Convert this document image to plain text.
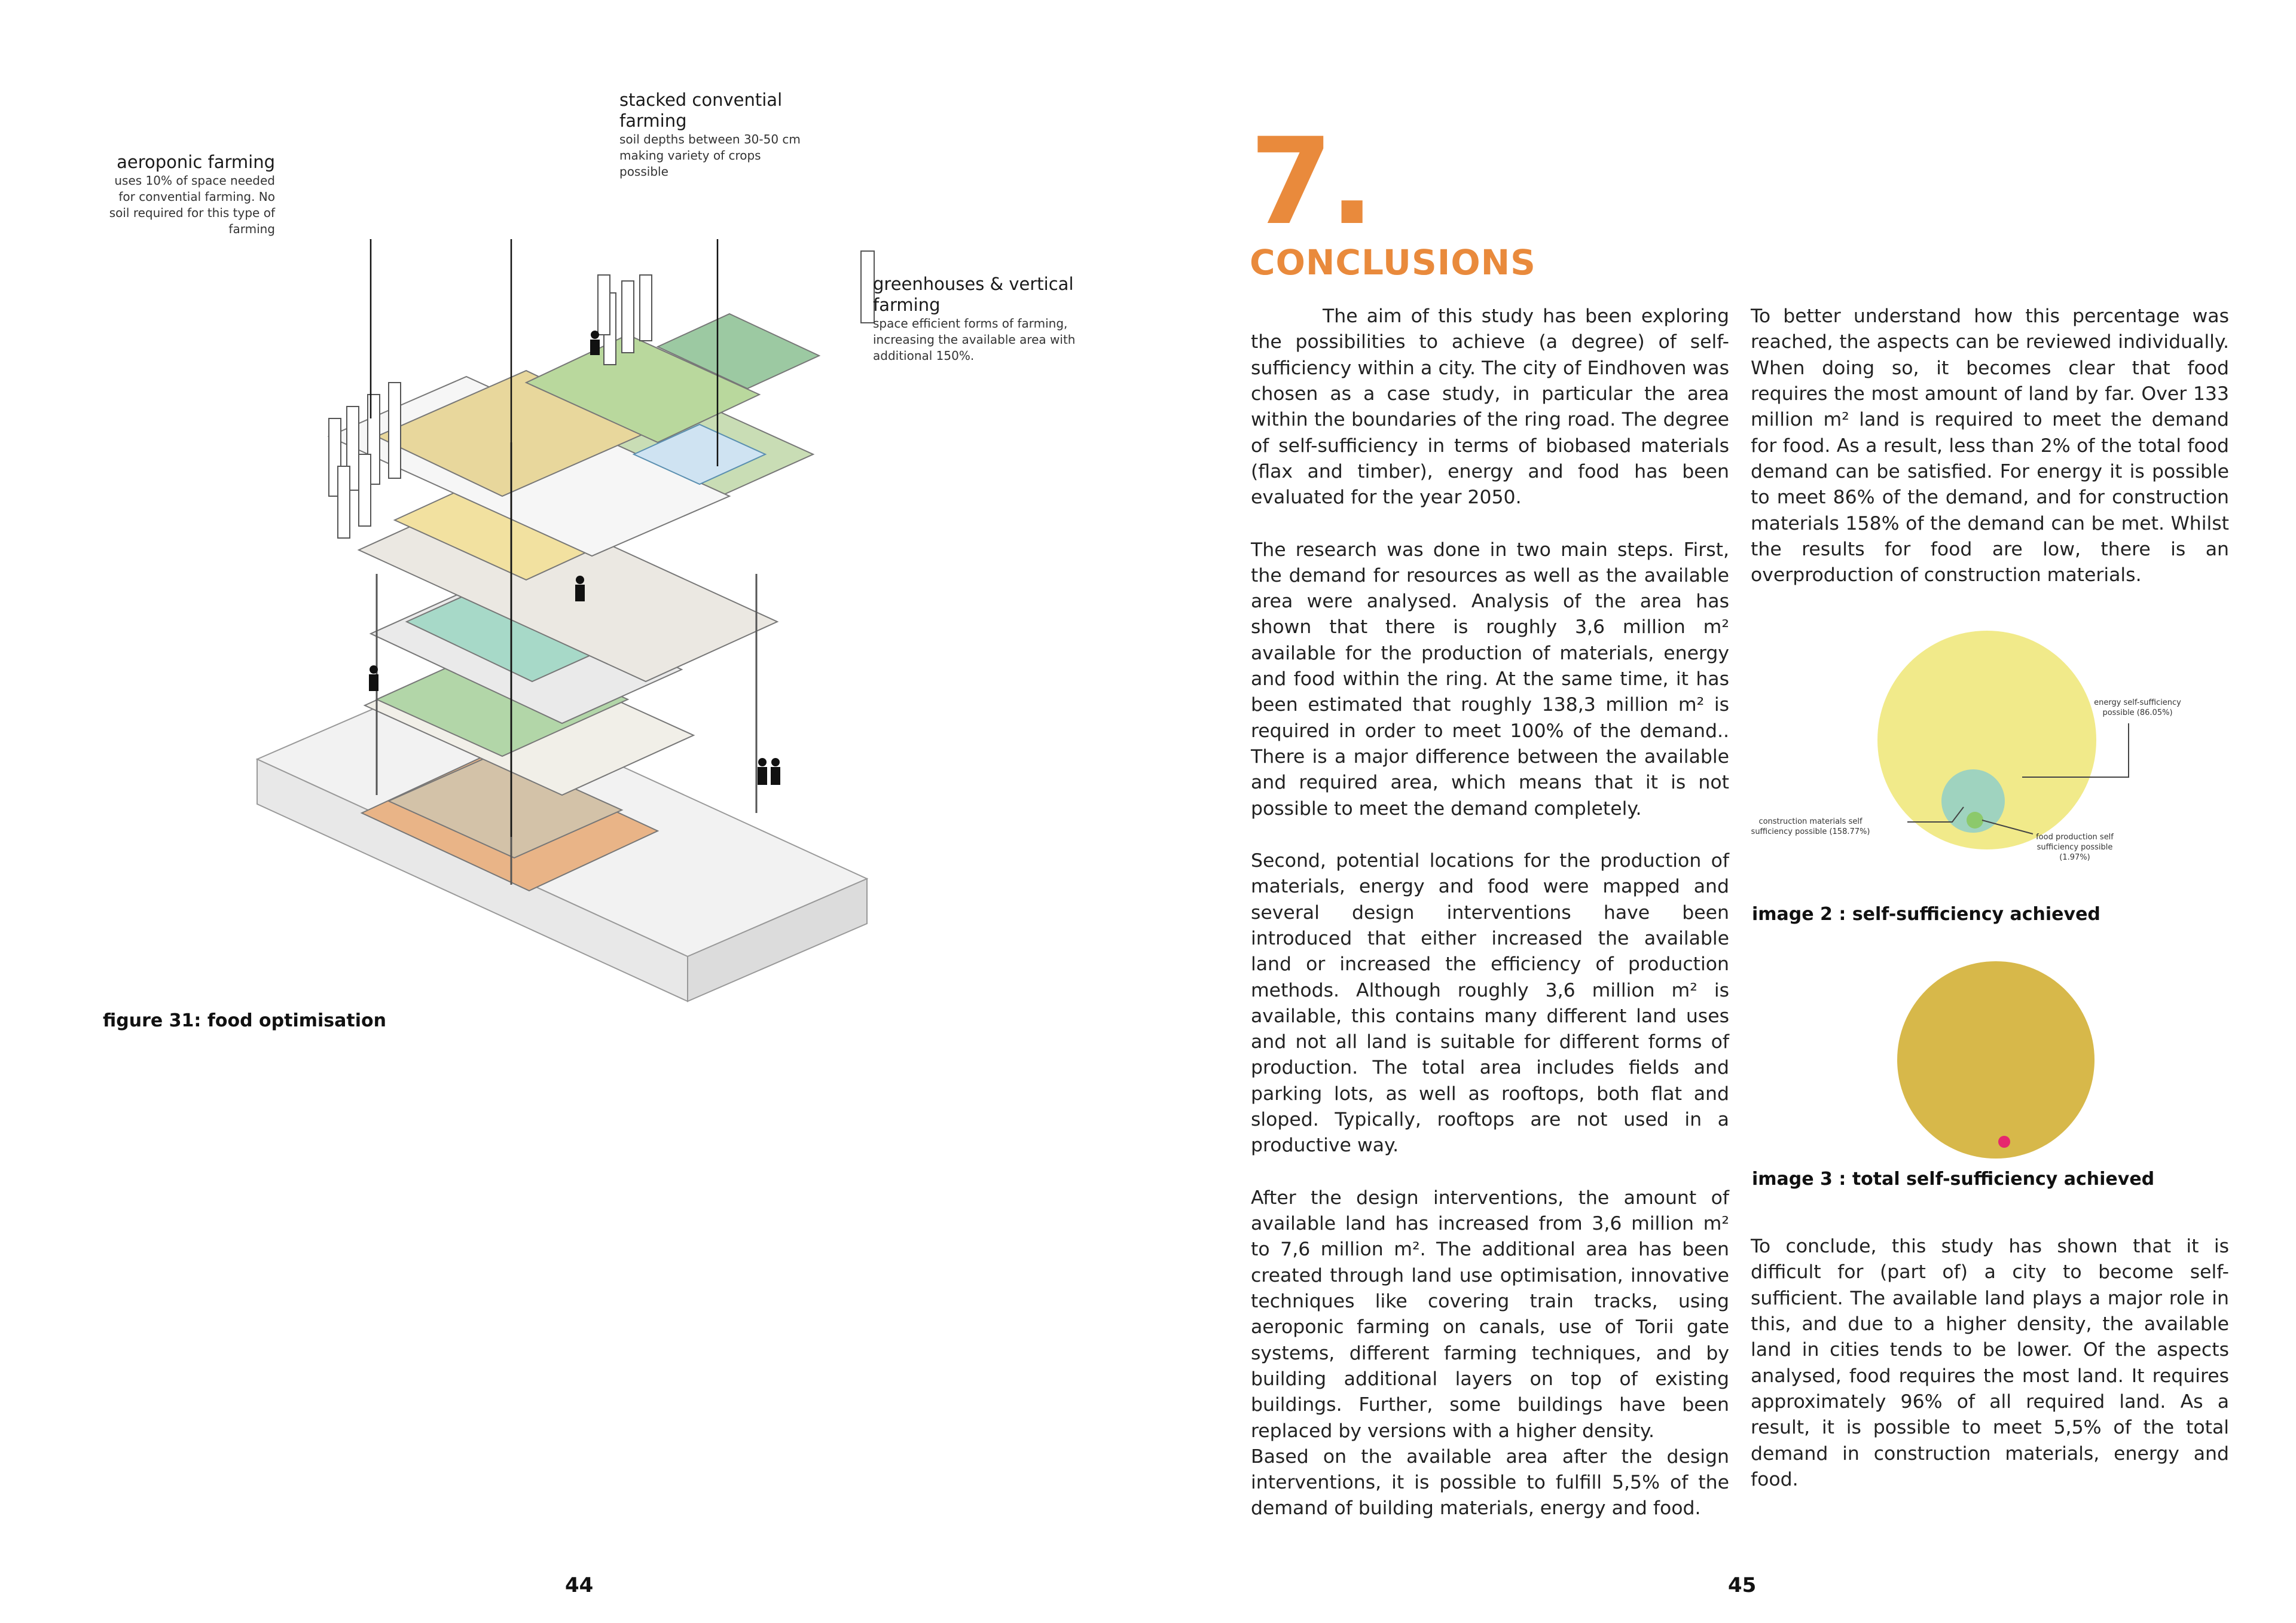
aeroponic farming
uses 10% of space needed for convential farming. No soil required for this type of farming
stacked convential farming
soil depths between 30-50 cm making variety of crops possible
greenhouses & vertical farming
space efficient forms of farming, increasing the available area with additional 150%.
figure 31: food optimisation
44
7.
CONCLUSIONS

The aim of this study has been exploring the possibilities to achieve (a degree) of self-sufficiency within a city. The city of Eindhoven was chosen as a case study, in particular the area within the boundaries of the ring road. The degree of self-sufficiency in terms of biobased materials (flax and timber), energy and food has been evaluated for the year 2050.

The research was done in two main steps. First, the demand for resources as well as the available area were analysed. Analysis of the area has shown that there is roughly 3,6 million m² available for the production of materials, energy and food within the ring. At the same time, it has been estimated that roughly 138,3 million m² is required in order to meet 100% of the demand.. There is a major difference between the available and required area, which means that it is not possible to meet the demand completely.

Second, potential locations for the production of materials, energy and food were mapped and several design interventions have been introduced that either increased the available land or increased the efficiency of production methods. Although roughly 3,6 million m² is available, this contains many different land uses and not all land is suitable for different forms of production. The total area includes fields and parking lots, as well as rooftops, both flat and sloped. Typically, rooftops are not used in a productive way.

After the design interventions, the amount of available land has increased from 3,6 million m² to 7,6 million m². The additional area has been created through land use optimisation, innovative techniques like covering train tracks, using aeroponic farming on canals, use of Torii gate systems, different farming techniques, and by building additional layers on top of existing buildings. Further, some buildings have been replaced by versions with a higher density.

Based on the available area after the design interventions, it is possible to fulfill 5,5% of the demand of building materials, energy and food.

To better understand how this percentage was reached, the aspects can be reviewed individually. When doing so, it becomes clear that food requires the most amount of land by far. Over 133 million m² land is required to meet the demand for food. As a result, less than 2% of the total food demand can be satisfied. For energy it is possible to meet 86% of the demand, and for construction materials 158% of the demand can be met. Whilst the results for food are low, there is an overproduction of construction materials.

energy self-sufficiency possible (86.05%)
construction materials self sufficiency possible (158.77%)
food production self sufficiency possible (1.97%)
image 2 : self-sufficiency achieved
image 3 : total self-sufficiency achieved

To conclude, this study has shown that it is difficult for (part of) a city to become self-sufficient. The available land plays a major role in this, and due to a higher density, the available land in cities tends to be lower. Of the aspects analysed, food requires the most land. It requires approximately 96% of all required land. As a result, it is possible to meet 5,5% of the total demand in construction materials, energy and food.

45
